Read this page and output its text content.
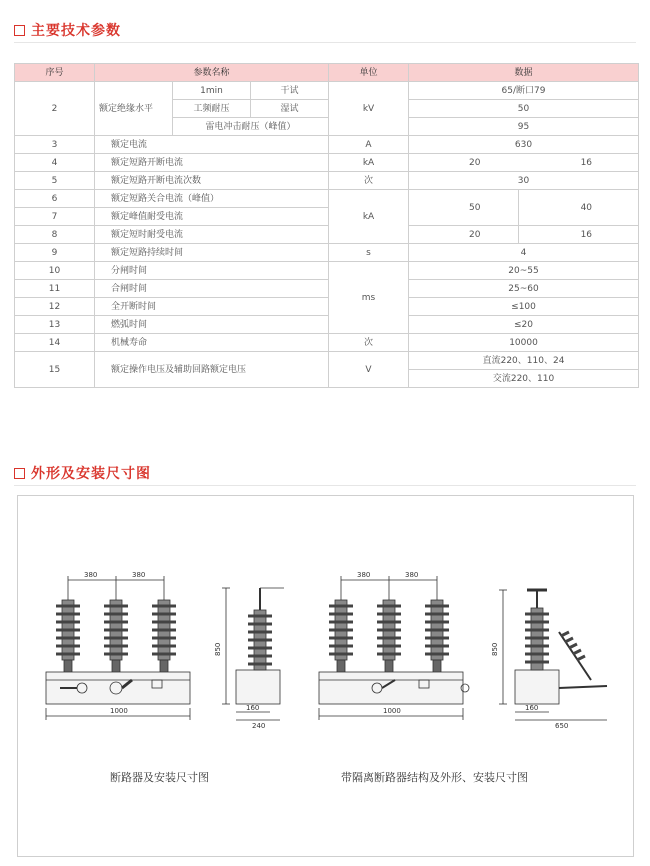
主要技术参数
序号	参数名称			单位	数据	
2	额定绝缘水平	1min	干试	kV	65/断口79	
		工频耐压	湿试		50	
		雷电冲击耐压（峰值）			95	
3	额定电流			A	630	
4	额定短路开断电流			kA	20	16
5	额定短路开断电流次数			次	30	
6	额定短路关合电流（峰值）			kA	50	40
7	额定峰值耐受电流					
8	额定短时耐受电流				20	16
9	额定短路持续时间			s	4	
10	分闸时间			ms	20~55	
11	合闸时间				25~60	
12	全开断时间				≤100	
13	燃弧时间				≤20	
14	机械寿命			次	10000	
15	额定操作电压及辅助回路额定电压			V	直流220、110、24	
					交流220、110	
外形及安装尺寸图
380	380
1000
850
160
240
380	380
1000
850
160
650
断路器及安装尺寸图	带隔离断路器结构及外形、安装尺寸图
